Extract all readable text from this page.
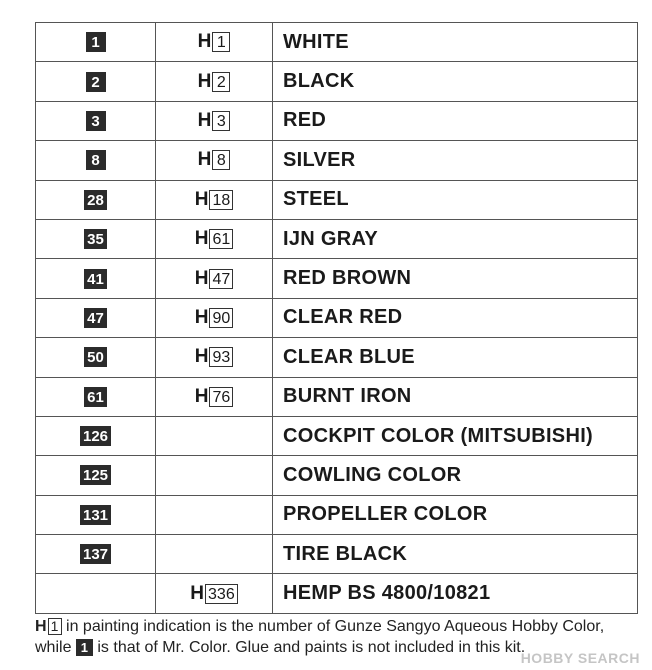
1	H 1	WHITE
2	H 2	BLACK
3	H 3	RED
8	H 8	SILVER
28	H 18	STEEL
35	H 61	IJN GRAY
41	H 47	RED BROWN
47	H 90	CLEAR RED
50	H 93	CLEAR BLUE
61	H 76	BURNT IRON
126		COCKPIT COLOR (MITSUBISHI)
125		COWLING COLOR
131		PROPELLER COLOR
137		TIRE BLACK
	H 336	HEMP BS 4800/10821
H 1 in painting indication is the number of Gunze Sangyo Aqueous Hobby Color,
while 1 is that of Mr. Color. Glue and paints is not included in this kit.
HOBBY SEARCH
